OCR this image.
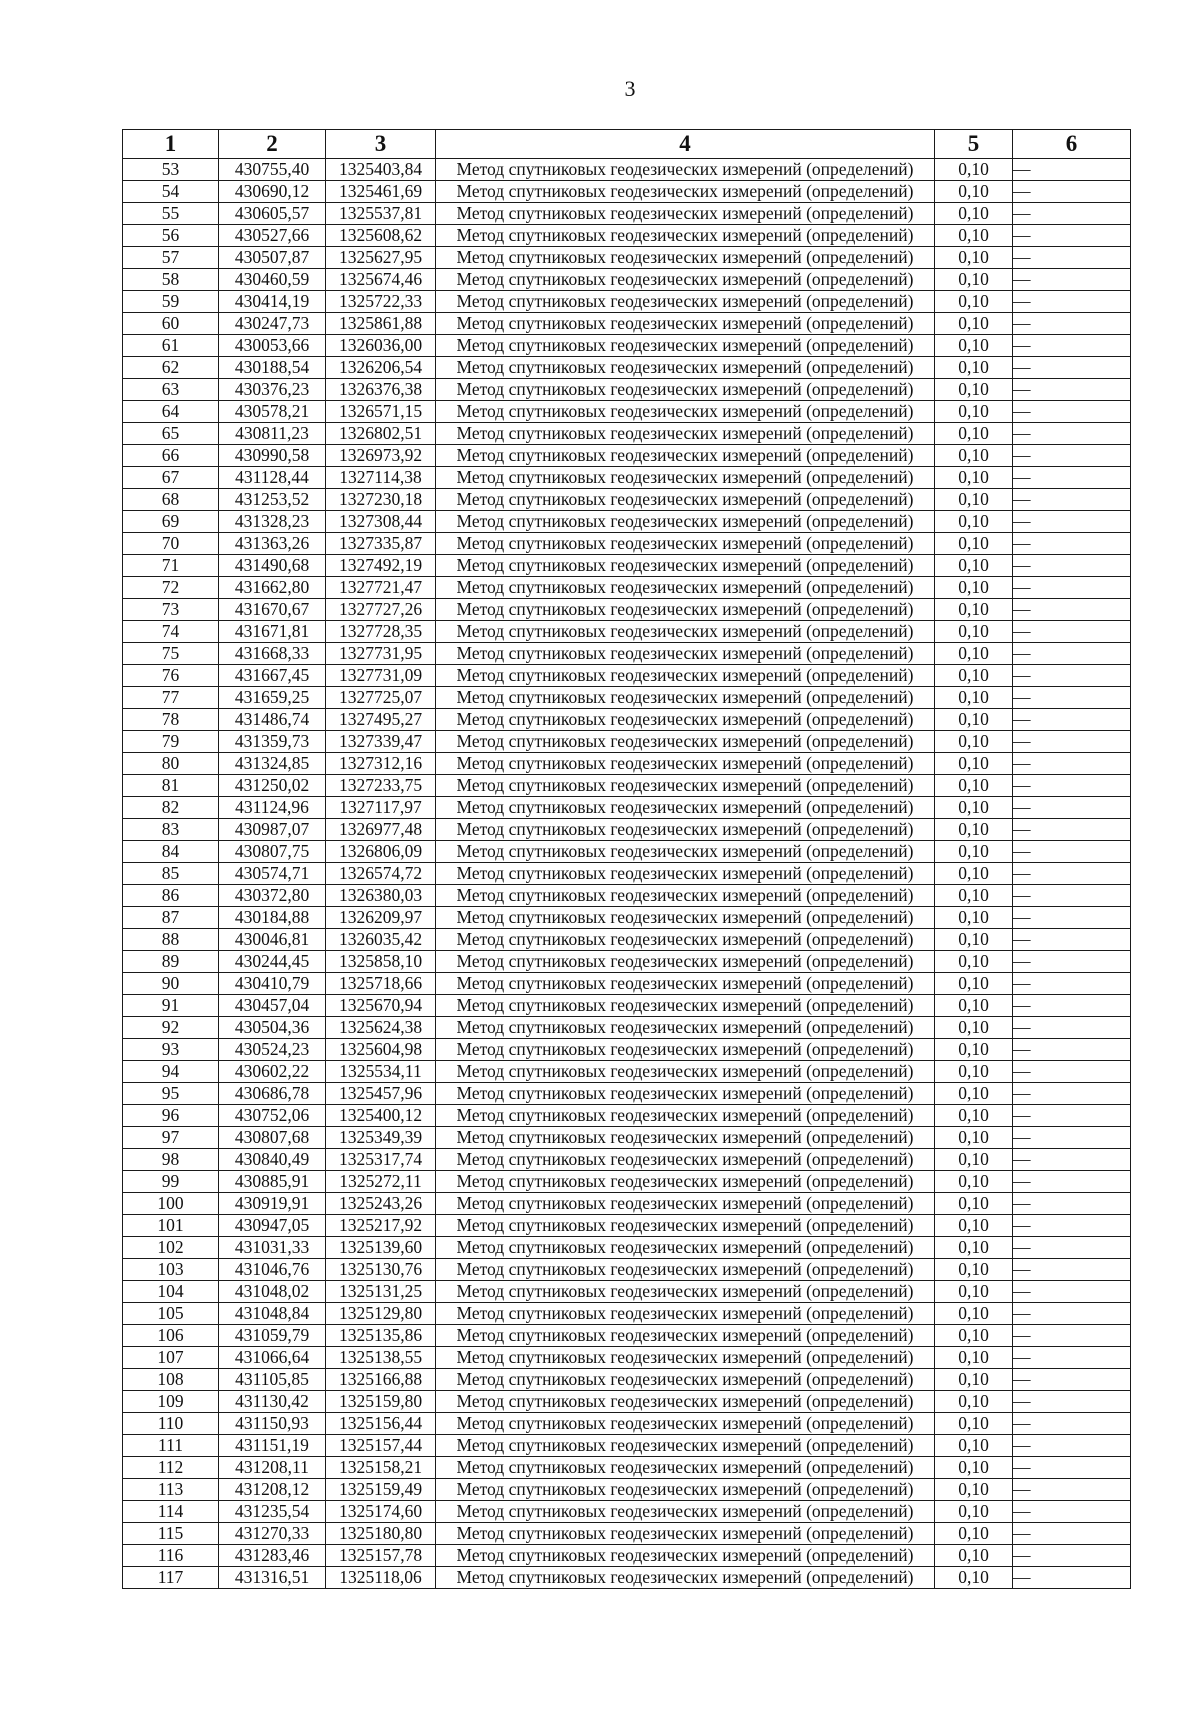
3
1	2	3	4	5	6
53	430755,40	1325403,84	Метод спутниковых геодезических измерений (определений)	0,10	—
54	430690,12	1325461,69	Метод спутниковых геодезических измерений (определений)	0,10	—
55	430605,57	1325537,81	Метод спутниковых геодезических измерений (определений)	0,10	—
56	430527,66	1325608,62	Метод спутниковых геодезических измерений (определений)	0,10	—
57	430507,87	1325627,95	Метод спутниковых геодезических измерений (определений)	0,10	—
58	430460,59	1325674,46	Метод спутниковых геодезических измерений (определений)	0,10	—
59	430414,19	1325722,33	Метод спутниковых геодезических измерений (определений)	0,10	—
60	430247,73	1325861,88	Метод спутниковых геодезических измерений (определений)	0,10	—
61	430053,66	1326036,00	Метод спутниковых геодезических измерений (определений)	0,10	—
62	430188,54	1326206,54	Метод спутниковых геодезических измерений (определений)	0,10	—
63	430376,23	1326376,38	Метод спутниковых геодезических измерений (определений)	0,10	—
64	430578,21	1326571,15	Метод спутниковых геодезических измерений (определений)	0,10	—
65	430811,23	1326802,51	Метод спутниковых геодезических измерений (определений)	0,10	—
66	430990,58	1326973,92	Метод спутниковых геодезических измерений (определений)	0,10	—
67	431128,44	1327114,38	Метод спутниковых геодезических измерений (определений)	0,10	—
68	431253,52	1327230,18	Метод спутниковых геодезических измерений (определений)	0,10	—
69	431328,23	1327308,44	Метод спутниковых геодезических измерений (определений)	0,10	—
70	431363,26	1327335,87	Метод спутниковых геодезических измерений (определений)	0,10	—
71	431490,68	1327492,19	Метод спутниковых геодезических измерений (определений)	0,10	—
72	431662,80	1327721,47	Метод спутниковых геодезических измерений (определений)	0,10	—
73	431670,67	1327727,26	Метод спутниковых геодезических измерений (определений)	0,10	—
74	431671,81	1327728,35	Метод спутниковых геодезических измерений (определений)	0,10	—
75	431668,33	1327731,95	Метод спутниковых геодезических измерений (определений)	0,10	—
76	431667,45	1327731,09	Метод спутниковых геодезических измерений (определений)	0,10	—
77	431659,25	1327725,07	Метод спутниковых геодезических измерений (определений)	0,10	—
78	431486,74	1327495,27	Метод спутниковых геодезических измерений (определений)	0,10	—
79	431359,73	1327339,47	Метод спутниковых геодезических измерений (определений)	0,10	—
80	431324,85	1327312,16	Метод спутниковых геодезических измерений (определений)	0,10	—
81	431250,02	1327233,75	Метод спутниковых геодезических измерений (определений)	0,10	—
82	431124,96	1327117,97	Метод спутниковых геодезических измерений (определений)	0,10	—
83	430987,07	1326977,48	Метод спутниковых геодезических измерений (определений)	0,10	—
84	430807,75	1326806,09	Метод спутниковых геодезических измерений (определений)	0,10	—
85	430574,71	1326574,72	Метод спутниковых геодезических измерений (определений)	0,10	—
86	430372,80	1326380,03	Метод спутниковых геодезических измерений (определений)	0,10	—
87	430184,88	1326209,97	Метод спутниковых геодезических измерений (определений)	0,10	—
88	430046,81	1326035,42	Метод спутниковых геодезических измерений (определений)	0,10	—
89	430244,45	1325858,10	Метод спутниковых геодезических измерений (определений)	0,10	—
90	430410,79	1325718,66	Метод спутниковых геодезических измерений (определений)	0,10	—
91	430457,04	1325670,94	Метод спутниковых геодезических измерений (определений)	0,10	—
92	430504,36	1325624,38	Метод спутниковых геодезических измерений (определений)	0,10	—
93	430524,23	1325604,98	Метод спутниковых геодезических измерений (определений)	0,10	—
94	430602,22	1325534,11	Метод спутниковых геодезических измерений (определений)	0,10	—
95	430686,78	1325457,96	Метод спутниковых геодезических измерений (определений)	0,10	—
96	430752,06	1325400,12	Метод спутниковых геодезических измерений (определений)	0,10	—
97	430807,68	1325349,39	Метод спутниковых геодезических измерений (определений)	0,10	—
98	430840,49	1325317,74	Метод спутниковых геодезических измерений (определений)	0,10	—
99	430885,91	1325272,11	Метод спутниковых геодезических измерений (определений)	0,10	—
100	430919,91	1325243,26	Метод спутниковых геодезических измерений (определений)	0,10	—
101	430947,05	1325217,92	Метод спутниковых геодезических измерений (определений)	0,10	—
102	431031,33	1325139,60	Метод спутниковых геодезических измерений (определений)	0,10	—
103	431046,76	1325130,76	Метод спутниковых геодезических измерений (определений)	0,10	—
104	431048,02	1325131,25	Метод спутниковых геодезических измерений (определений)	0,10	—
105	431048,84	1325129,80	Метод спутниковых геодезических измерений (определений)	0,10	—
106	431059,79	1325135,86	Метод спутниковых геодезических измерений (определений)	0,10	—
107	431066,64	1325138,55	Метод спутниковых геодезических измерений (определений)	0,10	—
108	431105,85	1325166,88	Метод спутниковых геодезических измерений (определений)	0,10	—
109	431130,42	1325159,80	Метод спутниковых геодезических измерений (определений)	0,10	—
110	431150,93	1325156,44	Метод спутниковых геодезических измерений (определений)	0,10	—
111	431151,19	1325157,44	Метод спутниковых геодезических измерений (определений)	0,10	—
112	431208,11	1325158,21	Метод спутниковых геодезических измерений (определений)	0,10	—
113	431208,12	1325159,49	Метод спутниковых геодезических измерений (определений)	0,10	—
114	431235,54	1325174,60	Метод спутниковых геодезических измерений (определений)	0,10	—
115	431270,33	1325180,80	Метод спутниковых геодезических измерений (определений)	0,10	—
116	431283,46	1325157,78	Метод спутниковых геодезических измерений (определений)	0,10	—
117	431316,51	1325118,06	Метод спутниковых геодезических измерений (определений)	0,10	—
